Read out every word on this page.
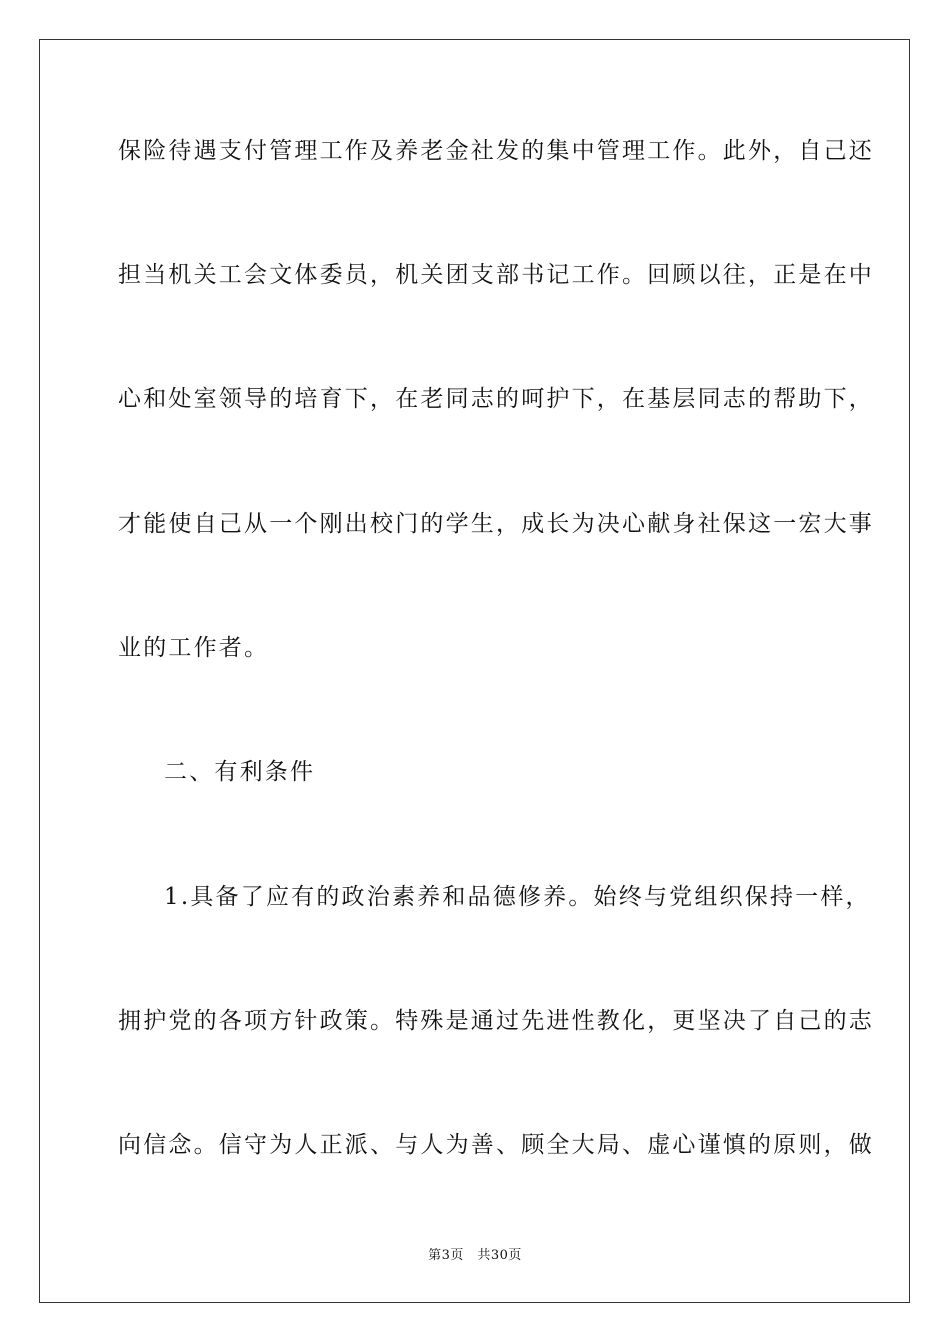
保险待遇支付管理工作及养老金社发的集中管理工作。此外，自己还
担当机关工会文体委员，机关团支部书记工作。回顾以往，正是在中
心和处室领导的培育下，在老同志的呵护下，在基层同志的帮助下，
才能使自己从一个刚出校门的学生，成长为决心献身社保这一宏大事
业的工作者。
二、有利条件
1.具备了应有的政治素养和品德修养。始终与党组织保持一样，
拥护党的各项方针政策。特殊是通过先进性教化，更坚决了自己的志
向信念。信守为人正派、与人为善、顾全大局、虚心谨慎的原则，做
第3页　共30页
